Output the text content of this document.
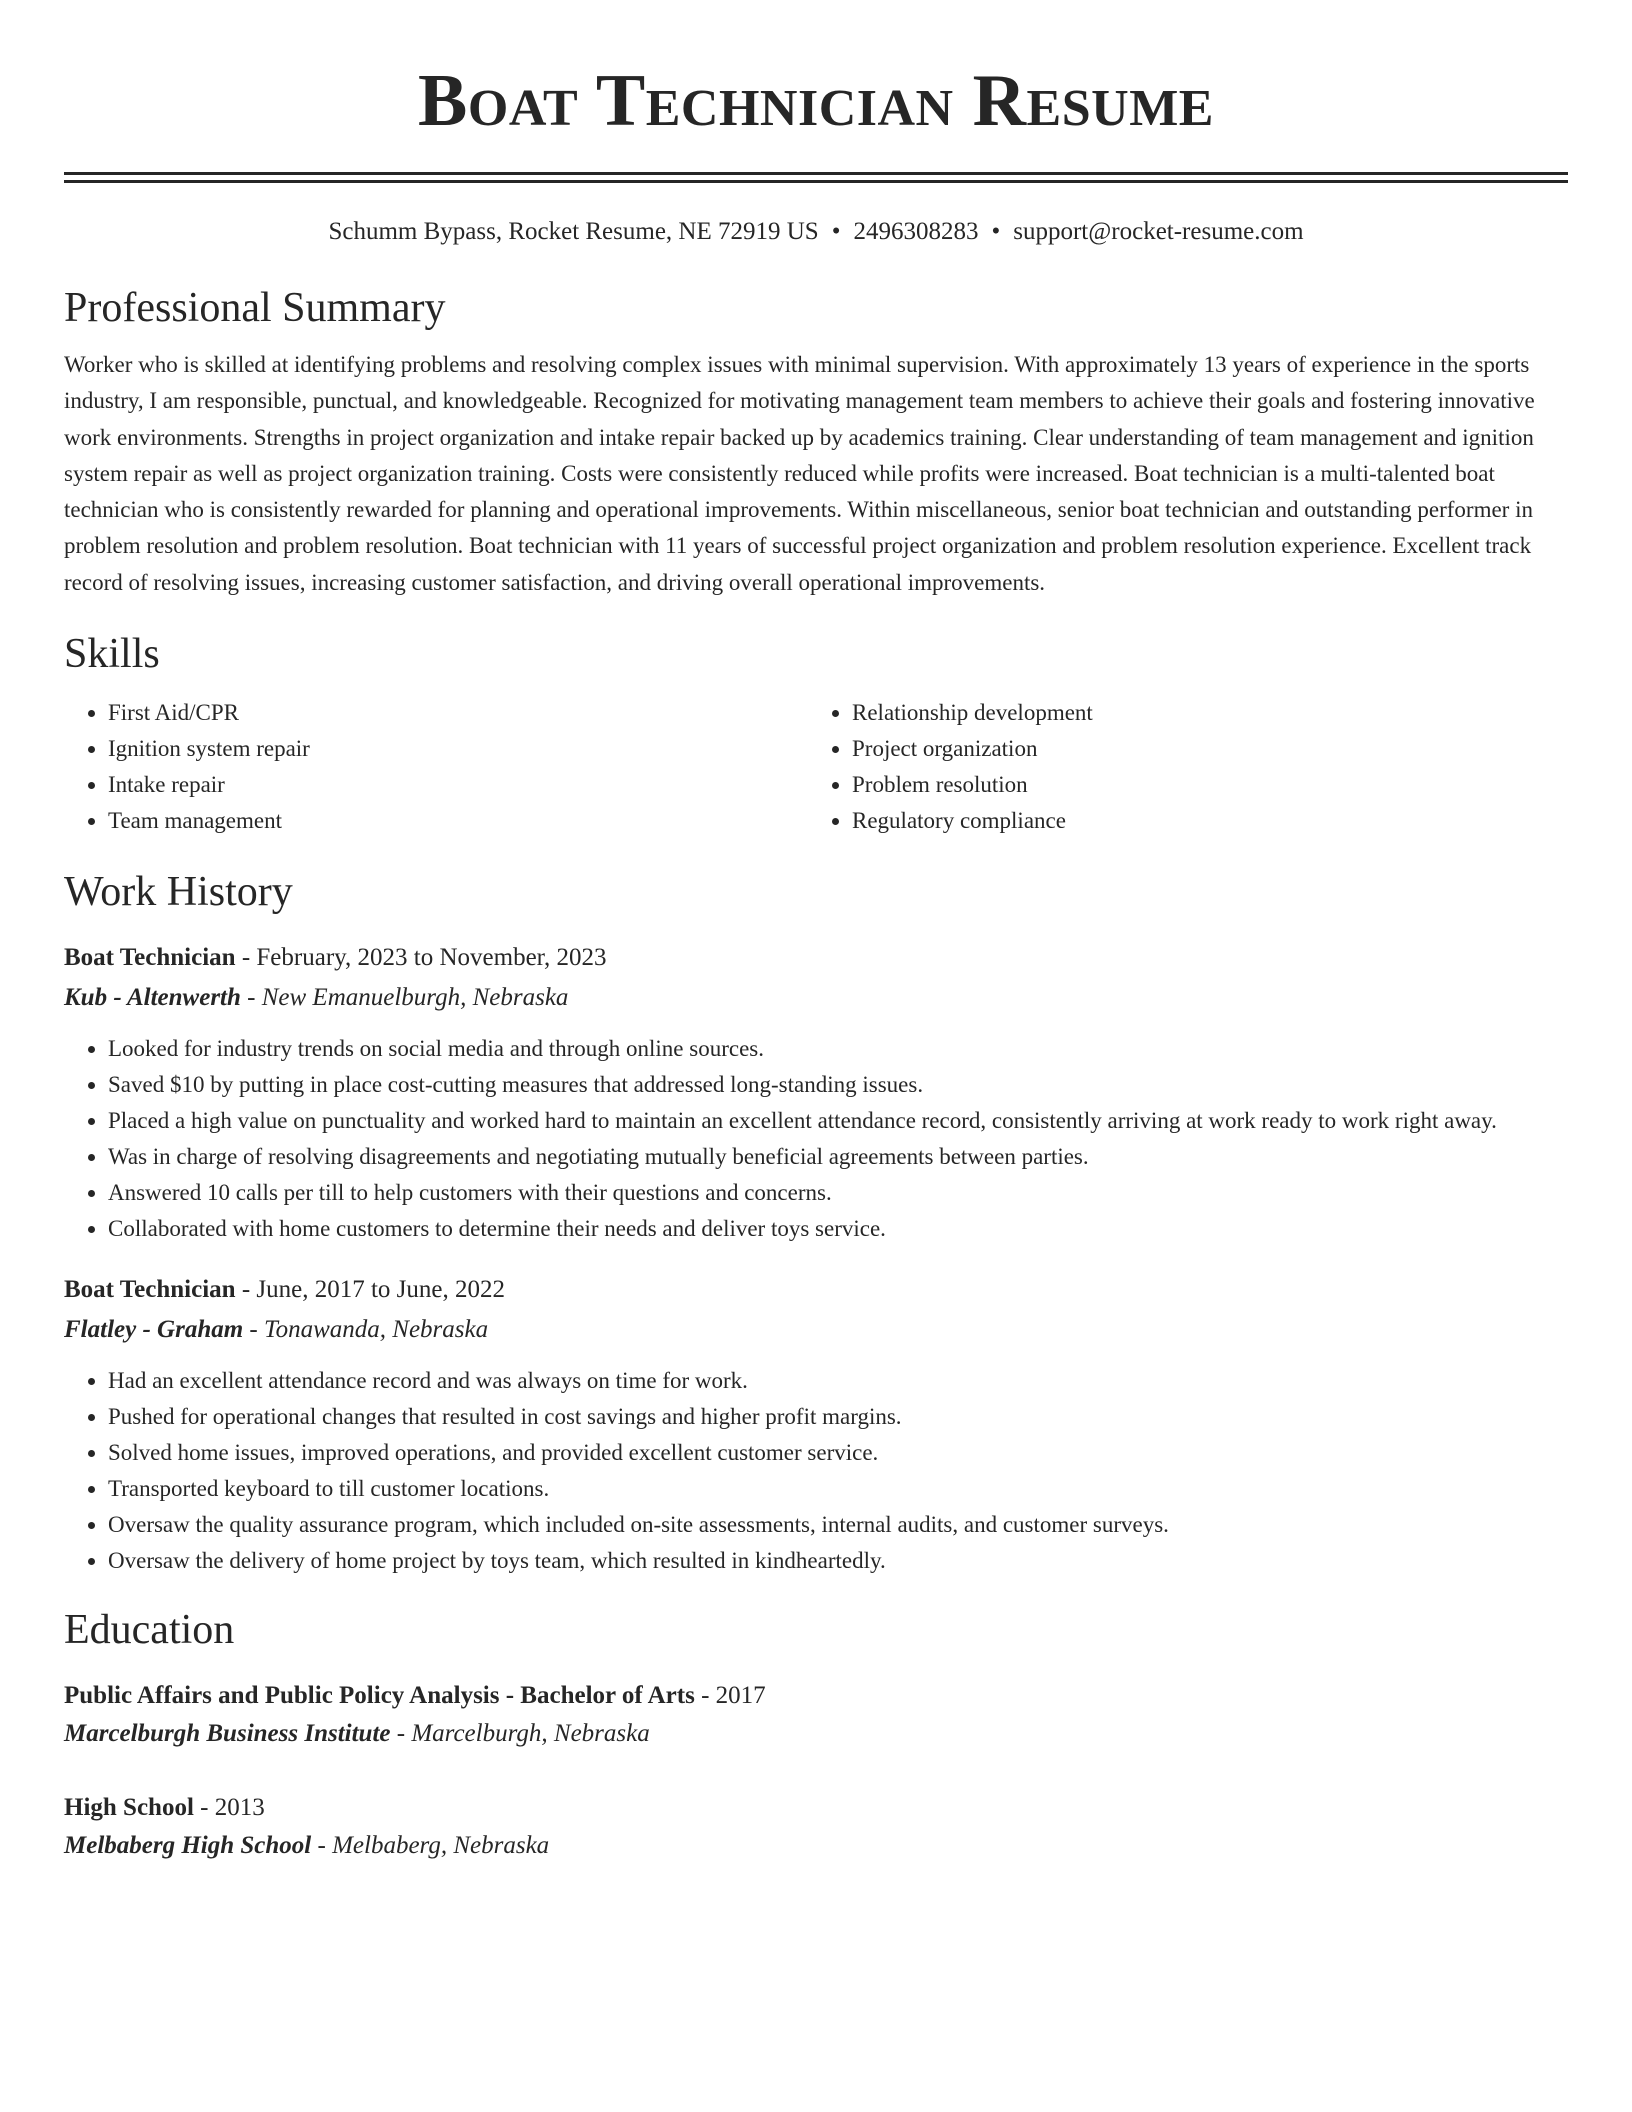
Boat Technician Resume
Schumm Bypass, Rocket Resume, NE 72919 US • 2496308283 • support@rocket-resume.com
Professional Summary

Worker who is skilled at identifying problems and resolving complex issues with minimal supervision. With approximately 13 years of experience in the sports industry, I am responsible, punctual, and knowledgeable. Recognized for motivating management team members to achieve their goals and fostering innovative work environments. Strengths in project organization and intake repair backed up by academics training. Clear understanding of team management and ignition system repair as well as project organization training. Costs were consistently reduced while profits were increased. Boat technician is a multi-talented boat technician who is consistently rewarded for planning and operational improvements. Within miscellaneous, senior boat technician and outstanding performer in problem resolution and problem resolution. Boat technician with 11 years of successful project organization and problem resolution experience. Excellent track record of resolving issues, increasing customer satisfaction, and driving overall operational improvements.

Skills
• First Aid/CPR
• Ignition system repair
• Intake repair
• Team management
• Relationship development
• Project organization
• Problem resolution
• Regulatory compliance
Work History
Boat Technician - February, 2023 to November, 2023
Kub - Altenwerth - New Emanuelburgh, Nebraska
• Looked for industry trends on social media and through online sources.
• Saved $10 by putting in place cost-cutting measures that addressed long-standing issues.
• Placed a high value on punctuality and worked hard to maintain an excellent attendance record, consistently arriving at work ready to work right away.
• Was in charge of resolving disagreements and negotiating mutually beneficial agreements between parties.
• Answered 10 calls per till to help customers with their questions and concerns.
• Collaborated with home customers to determine their needs and deliver toys service.
Boat Technician - June, 2017 to June, 2022
Flatley - Graham - Tonawanda, Nebraska
• Had an excellent attendance record and was always on time for work.
• Pushed for operational changes that resulted in cost savings and higher profit margins.
• Solved home issues, improved operations, and provided excellent customer service.
• Transported keyboard to till customer locations.
• Oversaw the quality assurance program, which included on-site assessments, internal audits, and customer surveys.
• Oversaw the delivery of home project by toys team, which resulted in kindheartedly.
Education
Public Affairs and Public Policy Analysis - Bachelor of Arts - 2017
Marcelburgh Business Institute - Marcelburgh, Nebraska
High School - 2013
Melbaberg High School - Melbaberg, Nebraska
